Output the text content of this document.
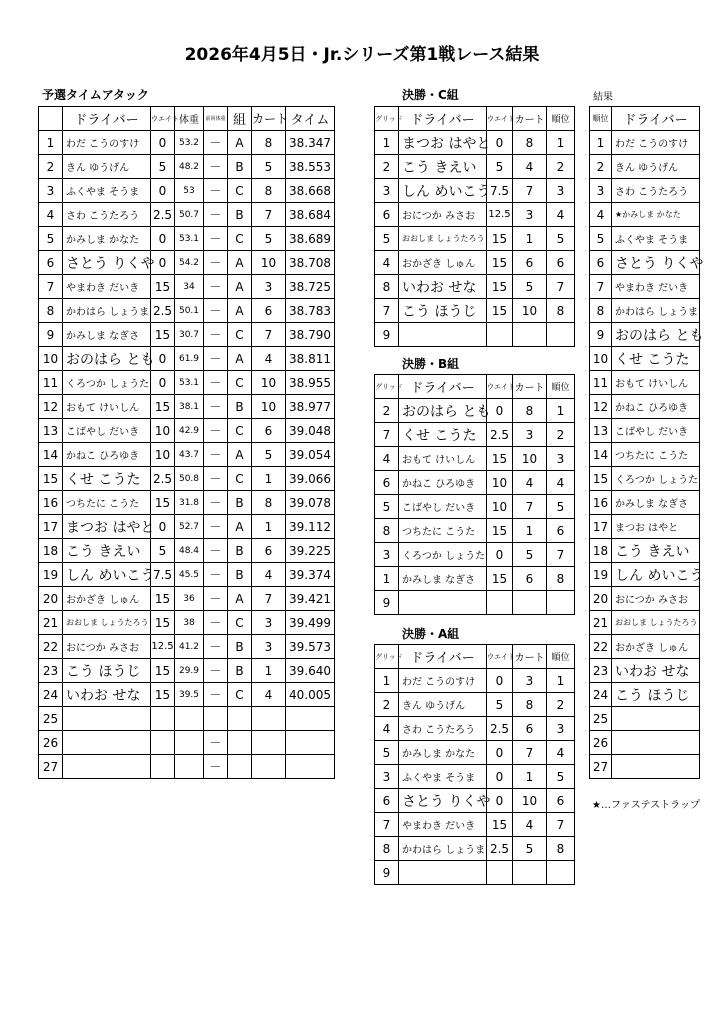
2026年4月5日・Jr.シリーズ第1戦レース結果
予選タイムアタック
	ドライバー	ウエイト	体重	前回体重	組	カート	タイム
1	わだ こうのすけ	0	53.2	－	A	8	38.347
2	きん ゆうげん	5	48.2	－	B	5	38.553
3	ふくやま そうま	0	53	－	C	8	38.668
4	さわ こうたろう	2.5	50.7	－	B	7	38.684
5	かみしま かなた	0	53.1	－	C	5	38.689
6	さとう りくや	0	54.2	－	A	10	38.708
7	やまわき だいき	15	34	－	A	3	38.725
8	かわはら しょうま	2.5	50.1	－	A	6	38.783
9	かみしま なぎさ	15	30.7	－	C	7	38.790
10	おのはら とも	0	61.9	－	A	4	38.811
11	くろつか しょうた	0	53.1	－	C	10	38.955
12	おもて けいしん	15	38.1	－	B	10	38.977
13	こばやし だいき	10	42.9	－	C	6	39.048
14	かねこ ひろゆき	10	43.7	－	A	5	39.054
15	くせ こうた	2.5	50.8	－	C	1	39.066
16	つちたに こうた	15	31.8	－	B	8	39.078
17	まつお はやと	0	52.7	－	A	1	39.112
18	こう きえい	5	48.4	－	B	6	39.225
19	しん めいこう	7.5	45.5	－	B	4	39.374
20	おかざき しゅん	15	36	－	A	7	39.421
21	おおしま しょうたろう	15	38	－	C	3	39.499
22	おにつか みさお	12.5	41.2	－	B	3	39.573
23	こう ほうじ	15	29.9	－	B	1	39.640
24	いわお せな	15	39.5	－	C	4	40.005
25							
26				－			
27				－			
決勝・C組
グリッド	ドライバー	ウエイト	カート	順位
1	まつお はやと	0	8	1
2	こう きえい	5	4	2
3	しん めいこう	7.5	7	3
6	おにつか みさお	12.5	3	4
5	おおしま しょうたろう	15	1	5
4	おかざき しゅん	15	6	6
8	いわお せな	15	5	7
7	こう ほうじ	15	10	8
9				
決勝・B組
グリッド	ドライバー	ウエイト	カート	順位
2	おのはら とも	0	8	1
7	くせ こうた	2.5	3	2
4	おもて けいしん	15	10	3
6	かねこ ひろゆき	10	4	4
5	こばやし だいき	10	7	5
8	つちたに こうた	15	1	6
3	くろつか しょうた	0	5	7
1	かみしま なぎさ	15	6	8
9				
決勝・A組
グリッド	ドライバー	ウエイト	カート	順位
1	わだ こうのすけ	0	3	1
2	きん ゆうげん	5	8	2
4	さわ こうたろう	2.5	6	3
5	かみしま かなた	0	7	4
3	ふくやま そうま	0	1	5
6	さとう りくや	0	10	6
7	やまわき だいき	15	4	7
8	かわはら しょうま	2.5	5	8
9				
結果
順位	ドライバー
1	わだ こうのすけ
2	きん ゆうげん
3	さわ こうたろう
4	★かみしま かなた
5	ふくやま そうま
6	さとう りくや
7	やまわき だいき
8	かわはら しょうま
9	おのはら とも
10	くせ こうた
11	おもて けいしん
12	かねこ ひろゆき
13	こばやし だいき
14	つちたに こうた
15	くろつか しょうた
16	かみしま なぎさ
17	まつお はやと
18	こう きえい
19	しん めいこう
20	おにつか みさお
21	おおしま しょうたろう
22	おかざき しゅん
23	いわお せな
24	こう ほうじ
25	
26	
27	
★…ファステストラップ
